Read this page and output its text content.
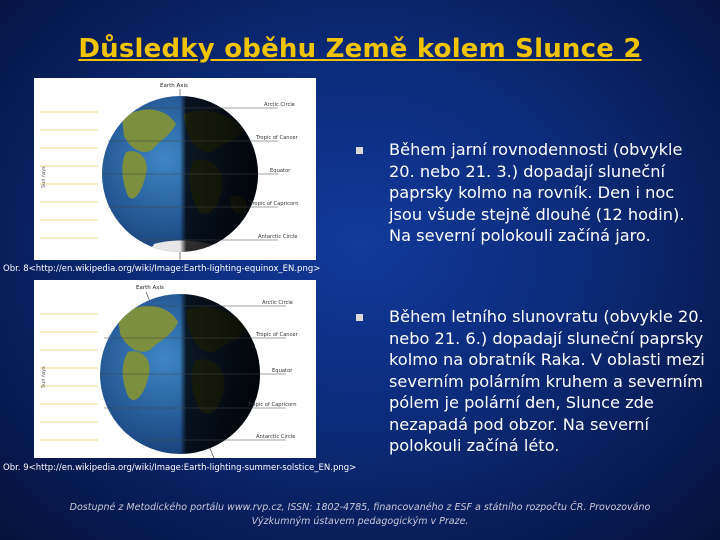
Důsledky oběhu Země kolem Slunce 2
Earth Axis
Sun rays
Arctic Circle
Tropic of Cancer
Equator
Tropic of Capricorn
Antarctic Circle
Obr. 8<http://en.wikipedia.org/wiki/Image:Earth-lighting-equinox_EN.png>
Earth Axis
Sun rays
Arctic Circle
Tropic of Cancer
Equator
Tropic of Capricorn
Antarctic Circle
Obr. 9<http://en.wikipedia.org/wiki/Image:Earth-lighting-summer-solstice_EN.png>
Během jarní rovnodennosti (obvykle 20. nebo 21. 3.) dopadají sluneční paprsky kolmo na rovník. Den i noc jsou všude stejně dlouhé (12 hodin). Na severní polokouli začíná jaro.
Během letního slunovratu (obvykle 20. nebo 21. 6.) dopadají sluneční paprsky kolmo na obratník Raka. V oblasti mezi severním polárním kruhem a severním pólem je polární den, Slunce zde nezapadá pod obzor. Na severní polokouli začíná léto.
Dostupné z Metodického portálu www.rvp.cz, ISSN: 1802-4785, financovaného z ESF a státního rozpočtu ČR. Provozováno Výzkumným ústavem pedagogickým v Praze.
